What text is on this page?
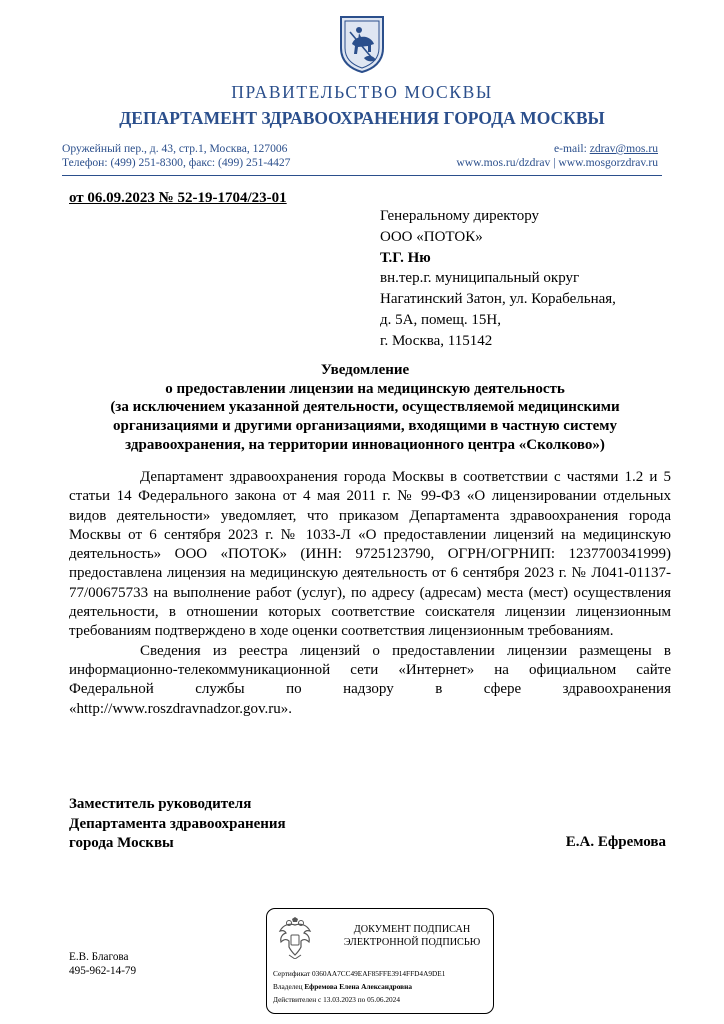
ПРАВИТЕЛЬСТВО МОСКВЫ
ДЕПАРТАМЕНТ ЗДРАВООХРАНЕНИЯ ГОРОДА МОСКВЫ
Оружейный пер., д. 43, стр.1, Москва, 127006
Телефон: (499) 251-8300, факс: (499) 251-4427
e-mail: zdrav@mos.ru
www.mos.ru/dzdrav | www.mosgorzdrav.ru
от 06.09.2023 № 52-19-1704/23-01
Генеральному директору
ООО «ПОТОК»
Т.Г. Ню
вн.тер.г. муниципальный округ
Нагатинский Затон, ул. Корабельная,
д. 5А, помещ. 15Н,
г. Москва, 115142
Уведомление
о предоставлении лицензии на медицинскую деятельность
(за исключением указанной деятельности, осуществляемой медицинскими
организациями и другими организациями, входящими в частную систему
здравоохранения, на территории инновационного центра «Сколково»)

Департамент здравоохранения города Москвы в соответствии с частями 1.2 и 5 статьи 14 Федерального закона от 4 мая 2011 г. № 99-ФЗ «О лицензировании отдельных видов деятельности» уведомляет, что приказом Департамента здравоохранения города Москвы от 6 сентября 2023 г. № 1033-Л «О предоставлении лицензий на медицинскую деятельность» ООО «ПОТОК» (ИНН: 9725123790, ОГРН/ОГРНИП: 1237700341999) предоставлена лицензия на медицинскую деятельность от 6 сентября 2023 г. № Л041-01137-77/00675733 на выполнение работ (услуг), по адресу (адресам) места (мест) осуществления деятельности, в отношении которых соответствие соискателя лицензии лицензионным требованиям подтверждено в ходе оценки соответствия лицензионным требованиям.

Сведения из реестра лицензий о предоставлении лицензии размещены в информационно-телекоммуникационной сети «Интернет» на официальном сайте Федеральной службы по надзору в сфере здравоохранения «http://www.roszdravnadzor.gov.ru».

Заместитель руководителя
Департамента здравоохранения
города Москвы	Е.А. Ефремова
Е.В. Благова
495-962-14-79
ДОКУМЕНТ ПОДПИСАН
ЭЛЕКТРОННОЙ ПОДПИСЬЮ
Сертификат 0360AA7CC49EAF85FFE3914FFD4A9DE1
Владелец Ефремова Елена Александровна
Действителен с 13.03.2023 по 05.06.2024
